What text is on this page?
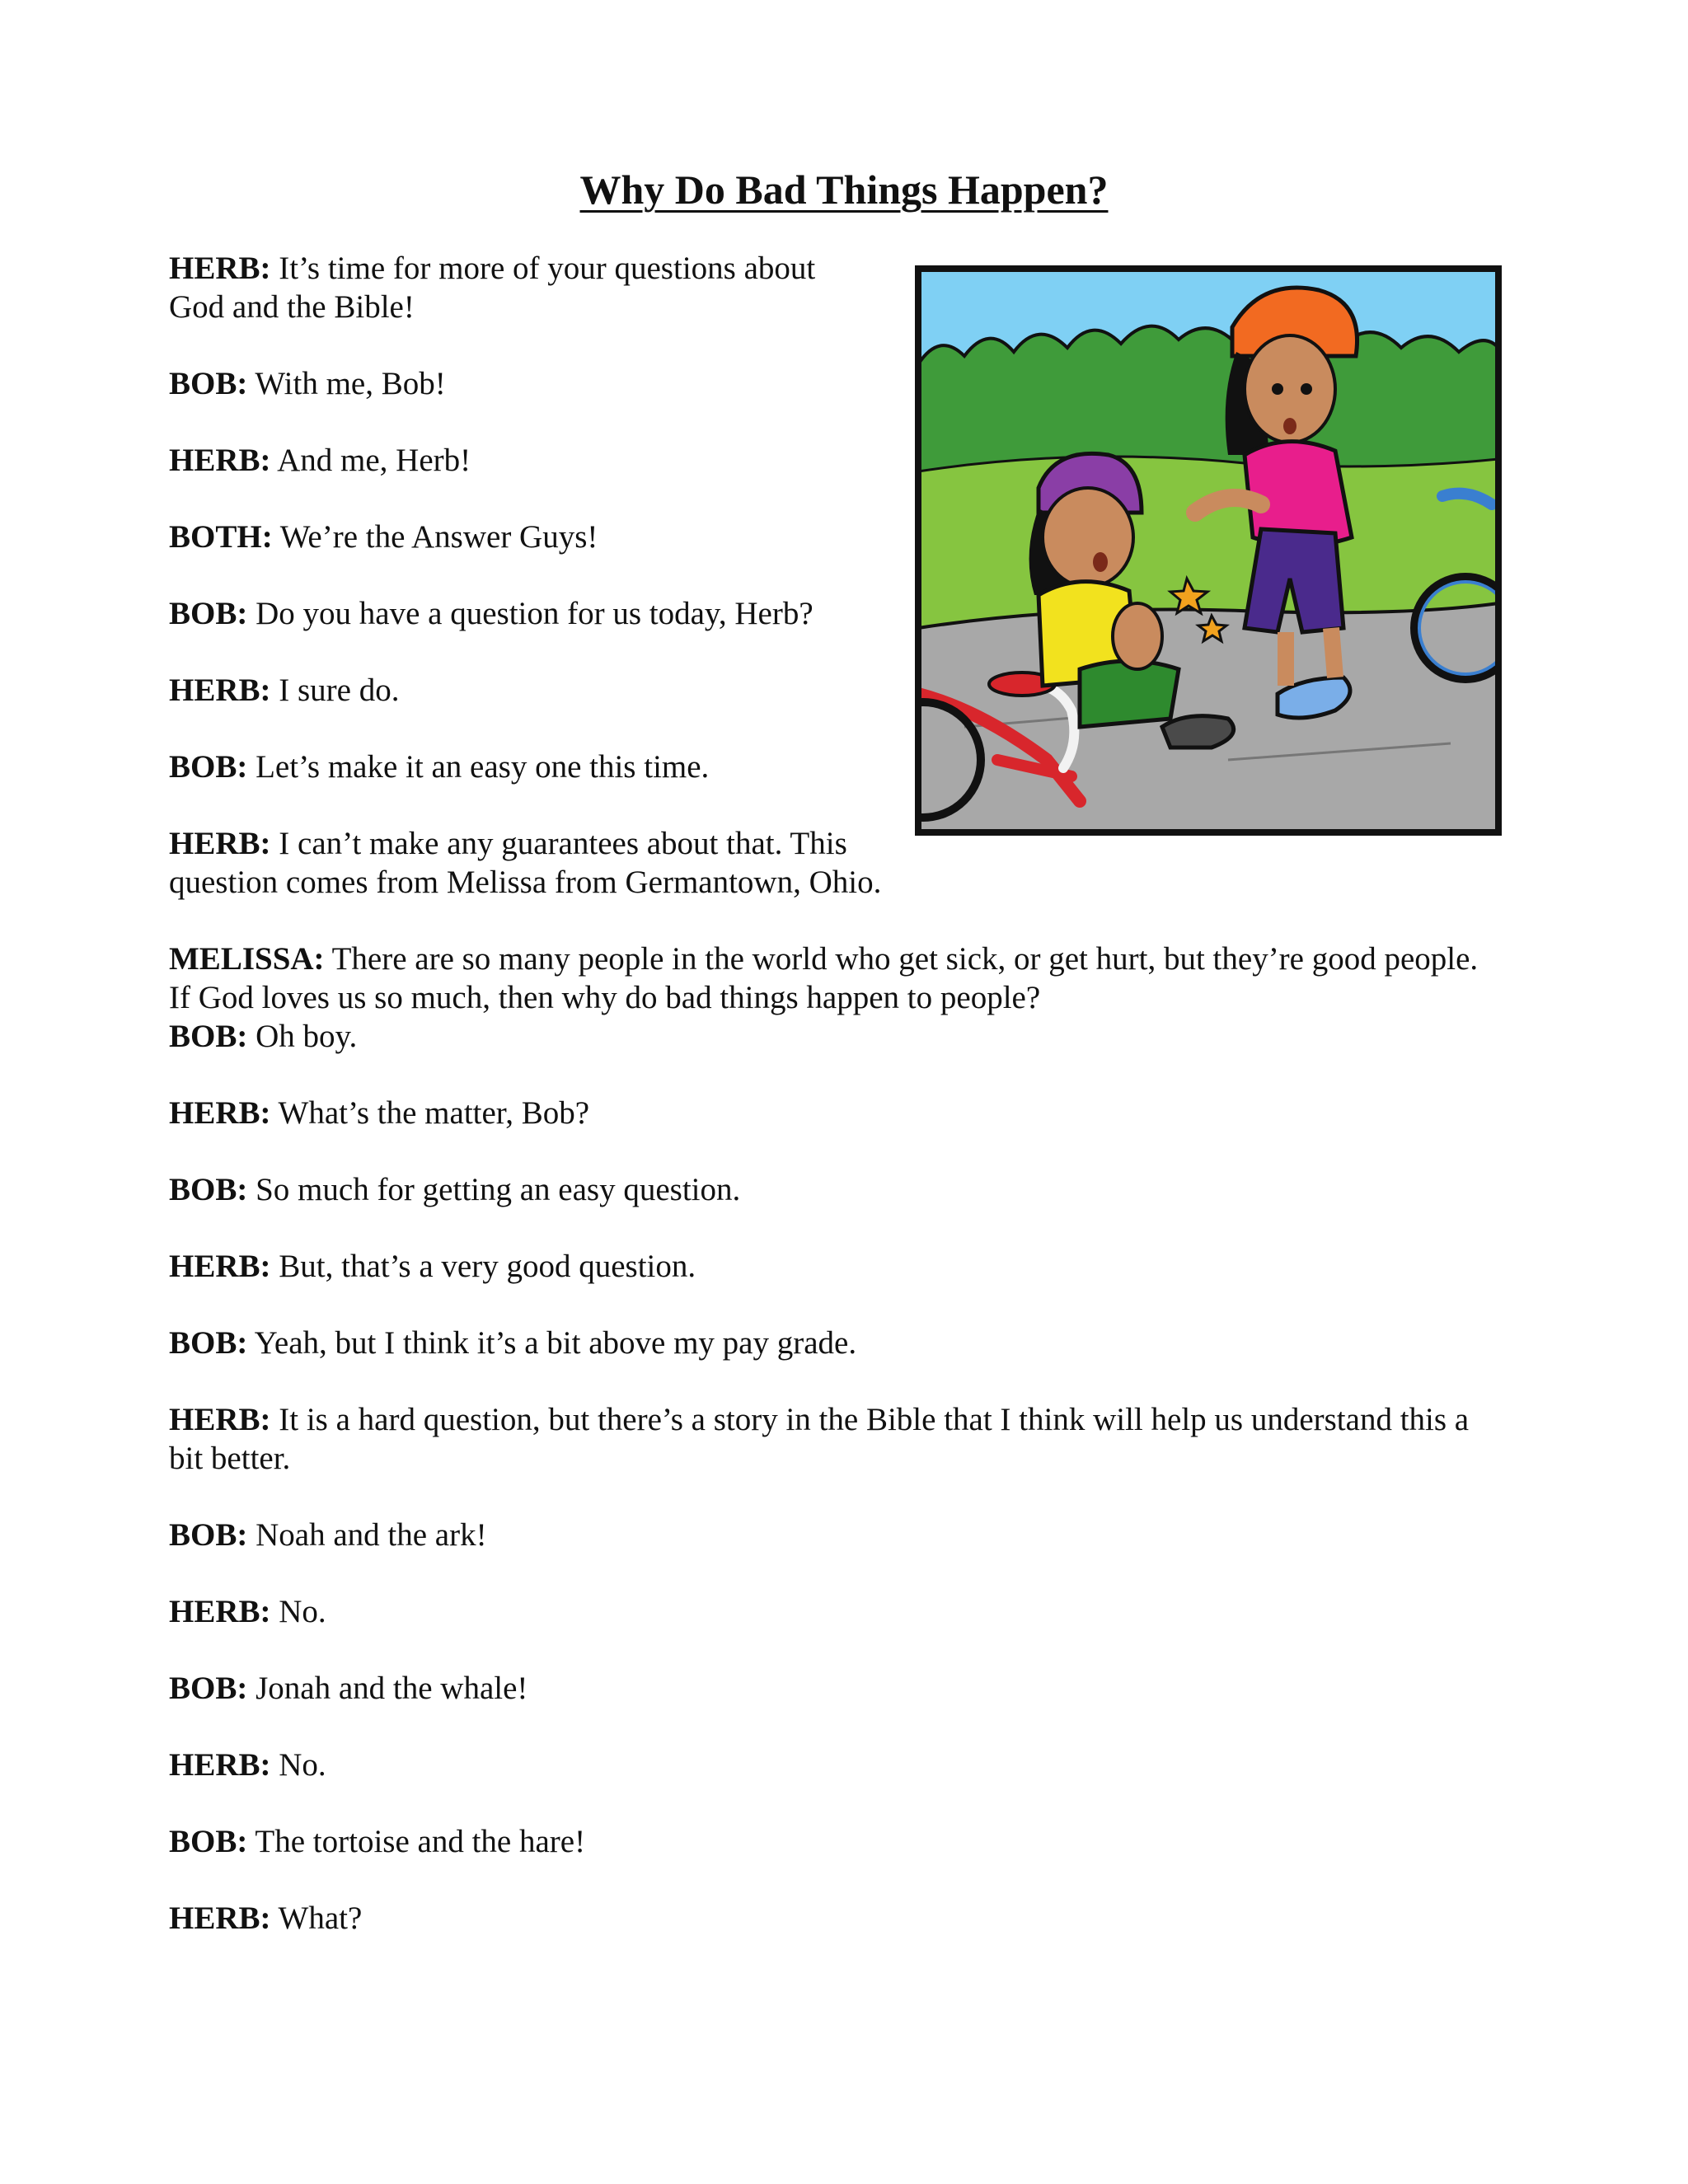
Why Do Bad Things Happen?

HERB: It’s time for more of your questions about

God and the Bible!

BOB: With me, Bob!

HERB: And me, Herb!

BOTH: We’re the Answer Guys!

BOB: Do you have a question for us today, Herb?

HERB: I sure do.

BOB: Let’s make it an easy one this time.

HERB: I can’t make any guarantees about that. This

question comes from Melissa from Germantown, Ohio.

MELISSA: There are so many people in the world who get sick, or get hurt, but they’re good people.

If God loves us so much, then why do bad things happen to people?

BOB: Oh boy.

HERB: What’s the matter, Bob?

BOB: So much for getting an easy question.

HERB: But, that’s a very good question.

BOB: Yeah, but I think it’s a bit above my pay grade.

HERB: It is a hard question, but there’s a story in the Bible that I think will help us understand this a

bit better.

BOB: Noah and the ark!

HERB: No.

BOB: Jonah and the whale!

HERB: No.

BOB: The tortoise and the hare!

HERB: What?
